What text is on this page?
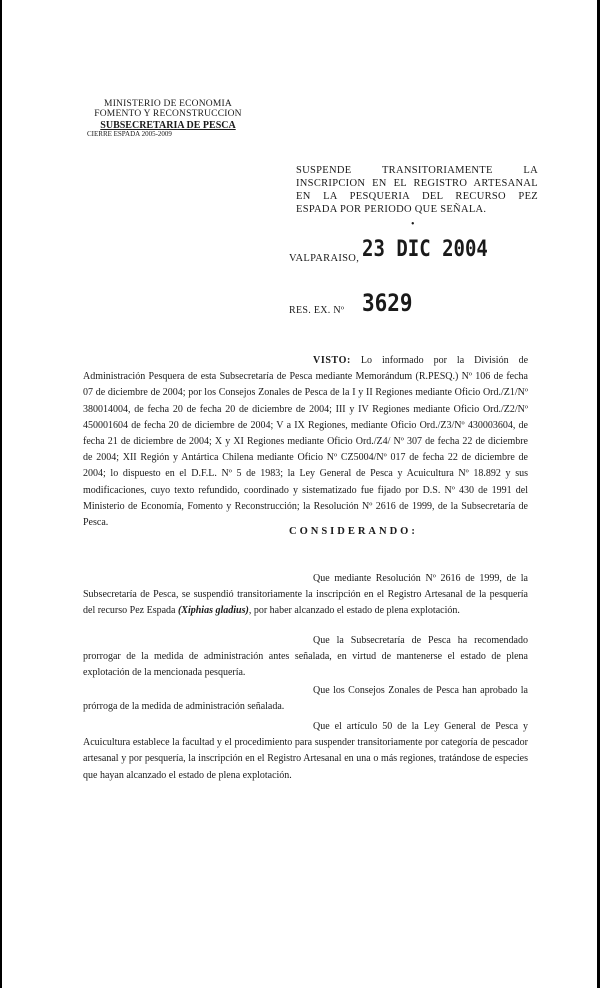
MINISTERIO DE ECONOMIA
FOMENTO Y RECONSTRUCCION
SUBSECRETARIA DE PESCA
CIERRE ESPADA 2005-2009
SUSPENDE TRANSITORIAMENTE LA
INSCRIPCION EN EL REGISTRO ARTESANAL
EN LA PESQUERIA DEL RECURSO PEZ
ESPADA POR PERIODO QUE SEÑALA.
•
VALPARAISO, 23 DIC 2004
RES. EX. Nº 3629
VISTO: Lo informado por la División de Administración Pesquera de esta Subsecretaría de Pesca mediante Memorándum (R.PESQ.) Nº 106 de fecha 07 de diciembre de 2004; por los Consejos Zonales de Pesca de la I y II Regiones mediante Oficio Ord./Z1/Nº 380014004, de fecha 20 de fecha 20 de diciembre de 2004; III y IV Regiones mediante Oficio Ord./Z2/Nº 450001604 de fecha 20 de diciembre de 2004; V a IX Regiones, mediante Oficio Ord./Z3/Nº 430003604, de fecha 21 de diciembre de 2004; X y XI Regiones mediante Oficio Ord./Z4/ Nº 307 de fecha 22 de diciembre de 2004; XII Región y Antártica Chilena mediante Oficio Nº CZ5004/Nº 017 de fecha 22 de diciembre de 2004; lo dispuesto en el D.F.L. Nº 5 de 1983; la Ley General de Pesca y Acuicultura Nº 18.892 y sus modificaciones, cuyo texto refundido, coordinado y sistematizado fue fijado por D.S. Nº 430 de 1991 del Ministerio de Economía, Fomento y Reconstrucción; la Resolución Nº 2616 de 1999, de la Subsecretaría de Pesca.
CONSIDERANDO:
Que mediante Resolución Nº 2616 de 1999, de la Subsecretaría de Pesca, se suspendió transitoriamente la inscripción en el Registro Artesanal de la pesquería del recurso Pez Espada (Xiphias gladius), por haber alcanzado el estado de plena explotación.
Que la Subsecretaría de Pesca ha recomendado prorrogar de la medida de administración antes señalada, en virtud de mantenerse el estado de plena explotación de la mencionada pesquería.
Que los Consejos Zonales de Pesca han aprobado la prórroga de la medida de administración señalada.
Que el artículo 50 de la Ley General de Pesca y Acuicultura establece la facultad y el procedimiento para suspender transitoriamente por categoría de pescador artesanal y por pesquería, la inscripción en el Registro Artesanal en una o más regiones, tratándose de especies que hayan alcanzado el estado de plena explotación.
